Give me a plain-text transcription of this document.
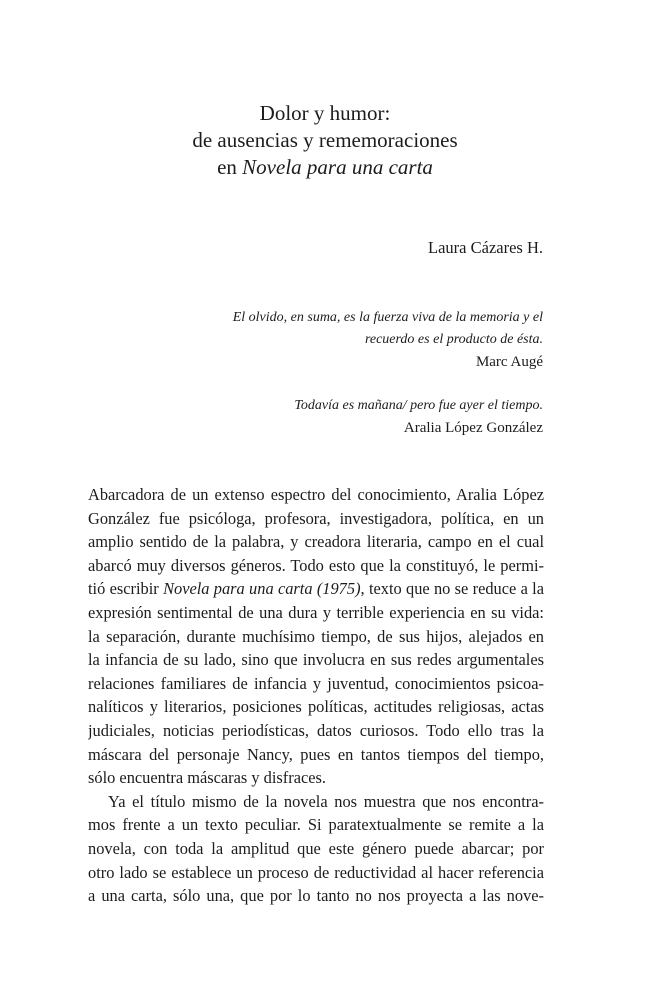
Dolor y humor:
de ausencias y rememoraciones
en Novela para una carta
Laura Cázares H.
El olvido, en suma, es la fuerza viva de la memoria y el
recuerdo es el producto de ésta.
Marc Augé
Todavía es mañana/ pero fue ayer el tiempo.
Aralia López González
Abarcadora de un extenso espectro del conocimiento, Aralia López
González fue psicóloga, profesora, investigadora, política, en un
amplio sentido de la palabra, y creadora literaria, campo en el cual
abarcó muy diversos géneros. Todo esto que la constituyó, le permi-
tió escribir Novela para una carta (1975), texto que no se reduce a la
expresión sentimental de una dura y terrible experiencia en su vida:
la separación, durante muchísimo tiempo, de sus hijos, alejados en
la infancia de su lado, sino que involucra en sus redes argumentales
relaciones familiares de infancia y juventud, conocimientos psicoa-
nalíticos y literarios, posiciones políticas, actitudes religiosas, actas
judiciales, noticias periodísticas, datos curiosos. Todo ello tras la
máscara del personaje Nancy, pues en tantos tiempos del tiempo,
sólo encuentra máscaras y disfraces.
Ya el título mismo de la novela nos muestra que nos encontra-
mos frente a un texto peculiar. Si paratextualmente se remite a la
novela, con toda la amplitud que este género puede abarcar; por
otro lado se establece un proceso de reductividad al hacer referencia
a una carta, sólo una, que por lo tanto no nos proyecta a las nove-
